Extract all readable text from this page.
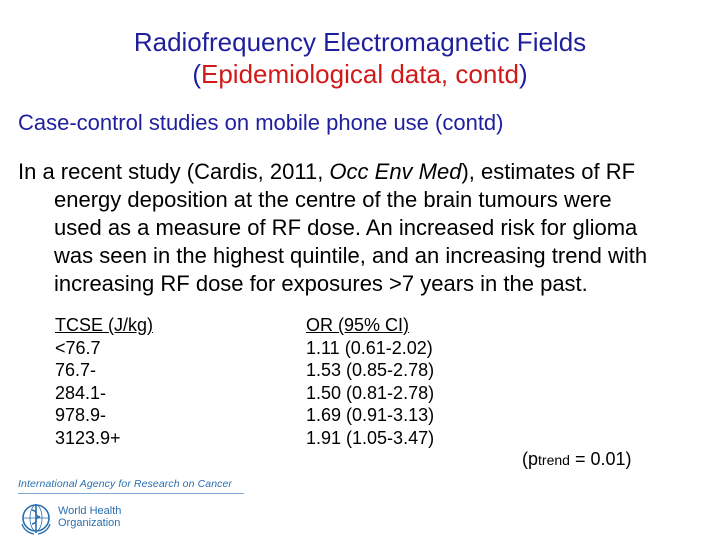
Radiofrequency Electromagnetic Fields
(Epidemiological data, contd)
Case-control studies on mobile phone use (contd)
In a recent study (Cardis, 2011, Occ Env Med), estimates of RF
energy deposition at the centre of the brain tumours were
used as a measure of RF dose. An increased risk for glioma
was seen in the highest quintile, and an increasing trend with
increasing RF dose for exposures >7 years in the past.
TCSE (J/kg)
<76.7
76.7-
284.1-
978.9-
3123.9+
OR (95% CI)
1.11 (0.61-2.02)
1.53 (0.85-2.78)
1.50 (0.81-2.78)
1.69 (0.91-3.13)
1.91 (1.05-3.47)
(ptrend = 0.01)
International Agency for Research on Cancer
World Health
Organization
